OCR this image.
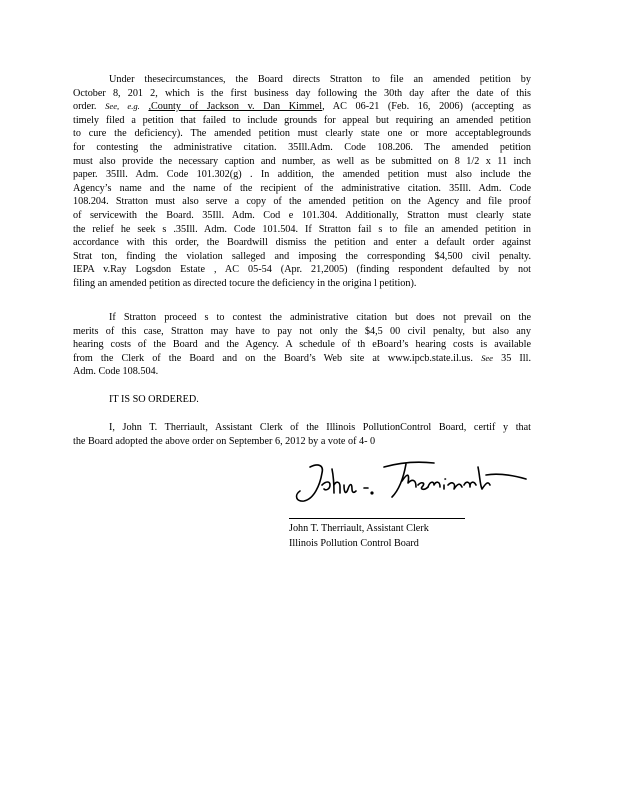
Under thesecircumstances, the Board directs Stratton to file an amended petition by
October 8, 201 2, which is the first business day following the 30th day after the date of this
order. See, e.g. ,County of Jackson v. Dan Kimmel, AC 06-21 (Feb. 16, 2006) (accepting as
timely filed a petition that failed to include grounds for appeal but requiring an amended petition
to cure the deficiency). The amended petition must clearly state one or more acceptablegrounds
for contesting the administrative citation. 35Ill.Adm. Code 108.206. The amended petition
must also provide the necessary caption and number, as well as be submitted on 8 1/2 x 11 inch
paper. 35Ill. Adm. Code 101.302(g) . In addition, the amended petition must also include the
Agency’s name and the name of the recipient of the administrative citation. 35Ill. Adm. Code
108.204. Stratton must also serve a copy of the amended petition on the Agency and file proof
of servicewith the Board. 35Ill. Adm. Cod e 101.304. Additionally, Stratton must clearly state
the relief he seek s .35Ill. Adm. Code 101.504. If Stratton fail s to file an amended petition in
accordance with this order, the Boardwill dismiss the petition and enter a default order against
Strat ton, finding the violation salleged and imposing the corresponding $4,500 civil penalty.
IEPA v.Ray Logsdon Estate , AC 05-54 (Apr. 21,2005) (finding respondent defaulted by not
filing an amended petition as directed tocure the deficiency in the origina l petition).

If Stratton proceed s to contest the administrative citation but does not prevail on the
merits of this case, Stratton may have to pay not only the $4,5 00 civil penalty, but also any
hearing costs of the Board and the Agency. A schedule of th eBoard’s hearing costs is available
from the Clerk of the Board and on the Board’s Web site at www.ipcb.state.il.us. See 35 Ill.
Adm. Code 108.504.

IT IS SO ORDERED.

I, John T. Therriault, Assistant Clerk of the Illinois PollutionControl Board, certif y that
the Board adopted the above order on September 6, 2012 by a vote of 4- 0

John T. Therriault, Assistant Clerk
Illinois Pollution Control Board
